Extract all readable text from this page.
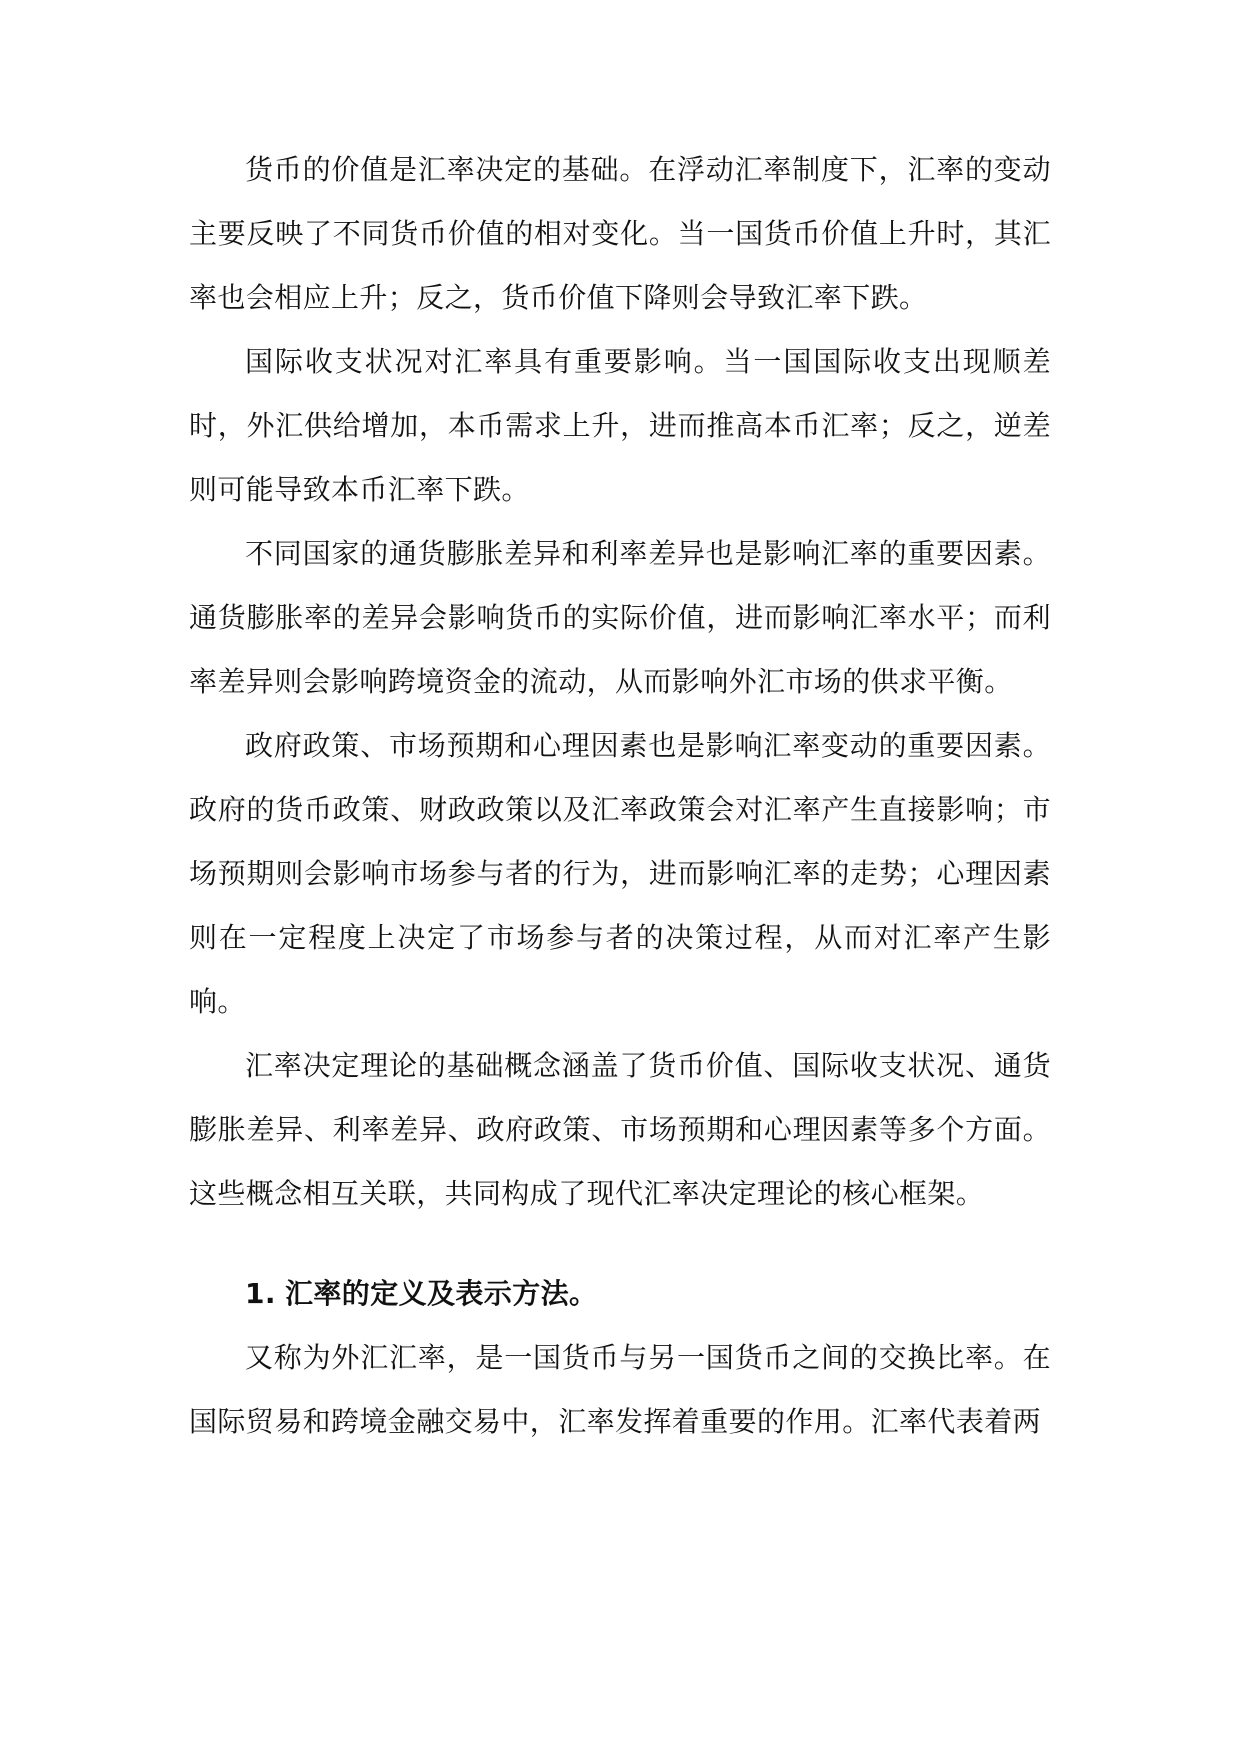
货币的价值是汇率决定的基础。在浮动汇率制度下，汇率的变动主要反映了不同货币价值的相对变化。当一国货币价值上升时，其汇率也会相应上升；反之，货币价值下降则会导致汇率下跌。

国际收支状况对汇率具有重要影响。当一国国际收支出现顺差时，外汇供给增加，本币需求上升，进而推高本币汇率；反之，逆差则可能导致本币汇率下跌。

不同国家的通货膨胀差异和利率差异也是影响汇率的重要因素。通货膨胀率的差异会影响货币的实际价值，进而影响汇率水平；而利率差异则会影响跨境资金的流动，从而影响外汇市场的供求平衡。

政府政策、市场预期和心理因素也是影响汇率变动的重要因素。政府的货币政策、财政政策以及汇率政策会对汇率产生直接影响；市场预期则会影响市场参与者的行为，进而影响汇率的走势；心理因素则在一定程度上决定了市场参与者的决策过程，从而对汇率产生影响。

汇率决定理论的基础概念涵盖了货币价值、国际收支状况、通货膨胀差异、利率差异、政府政策、市场预期和心理因素等多个方面。这些概念相互关联，共同构成了现代汇率决定理论的核心框架。

1. 汇率的定义及表示方法。

又称为外汇汇率，是一国货币与另一国货币之间的交换比率。在国际贸易和跨境金融交易中，汇率发挥着重要的作用。汇率代表着两
